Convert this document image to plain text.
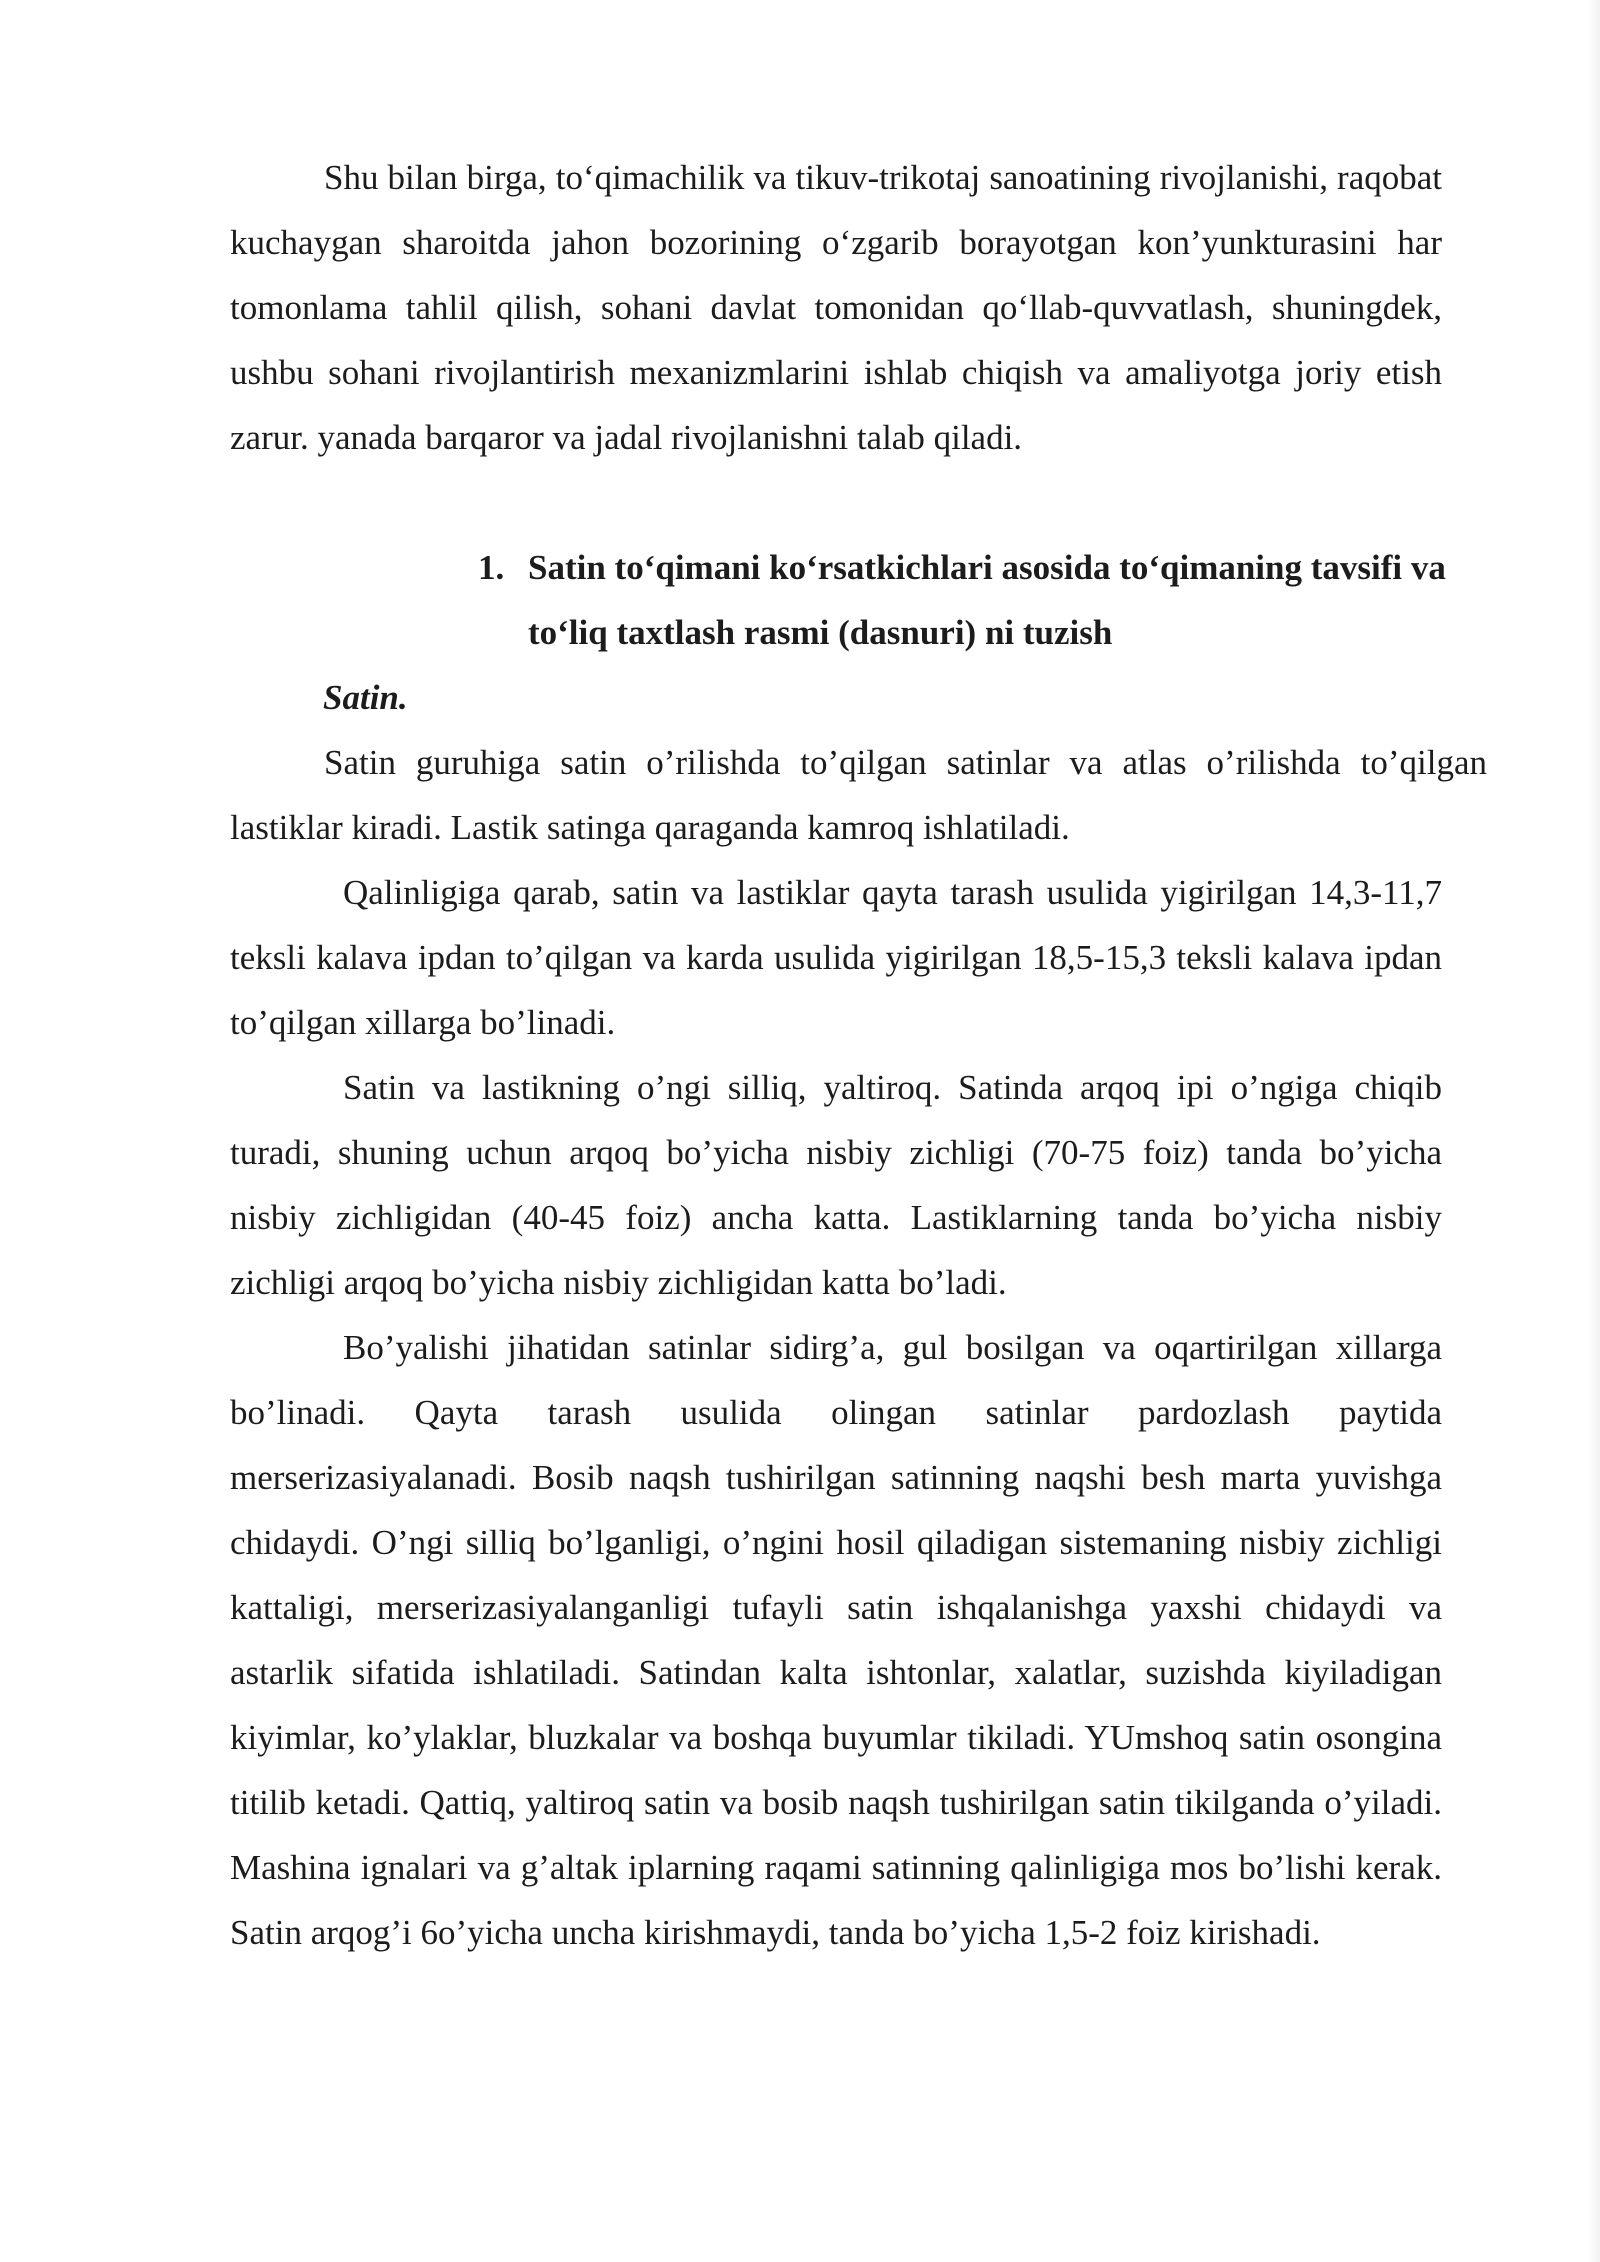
Shu bilan birga, to‘qimachilik va tikuv-trikotaj sanoatining rivojlanishi, raqobat kuchaygan sharoitda jahon bozorining o‘zgarib borayotgan kon’yunkturasini har tomonlama tahlil qilish, sohani davlat tomonidan qo‘llab-quvvatlash, shuningdek, ushbu sohani rivojlantirish mexanizmlarini ishlab chiqish va amaliyotga joriy etish zarur. yanada barqaror va jadal rivojlanishni talab qiladi.

1. Satin to‘qimani ko‘rsatkichlari asosida to‘qimaning tavsifi va to‘liq taxtlash rasmi (dasnuri) ni tuzish

Satin.

Satin guruhiga satin o’rilishda to’qilgan satinlar va atlas o’rilishda to’qilgan lastiklar kiradi. Lastik satinga qaraganda kamroq ishlatiladi.

Qalinligiga qarab, satin va lastiklar qayta tarash usulida yigirilgan 14,3-11,7 teksli kalava ipdan to’qilgan va karda usulida yigirilgan 18,5-15,3 teksli kalava ipdan to’qilgan xillarga bo’linadi.

Satin va lastikning o’ngi silliq, yaltiroq. Satinda arqoq ipi o’ngiga chiqib turadi, shuning uchun arqoq bo’yicha nisbiy zichligi (70-75 foiz) tanda bo’yicha nisbiy zichligidan (40-45 foiz) ancha katta. Lastiklarning tanda bo’yicha nisbiy zichligi arqoq bo’yicha nisbiy zichligidan katta bo’ladi.

Bo’yalishi jihatidan satinlar sidirg’a, gul bosilgan va oqartirilgan xillarga bo’linadi. Qayta tarash usulida olingan satinlar pardozlash paytida merserizasiyalanadi. Bosib naqsh tushirilgan satinning naqshi besh marta yuvishga chidaydi. O’ngi silliq bo’lganligi, o’ngini hosil qiladigan sistemaning nisbiy zichligi kattaligi, merserizasiyalanganligi tufayli satin ishqalanishga yaxshi chidaydi va astarlik sifatida ishlatiladi. Satindan kalta ishtonlar, xalatlar, suzishda kiyiladigan kiyimlar, ko’ylaklar, bluzkalar va boshqa buyumlar tikiladi. YUmshoq satin osongina titilib ketadi. Qattiq, yaltiroq satin va bosib naqsh tushirilgan satin tikilganda o’yiladi. Mashina ignalari va g’altak iplarning raqami satinning qalinligiga mos bo’lishi kerak. Satin arqog’i 6o’yicha uncha kirishmaydi, tanda bo’yicha 1,5-2 foiz kirishadi.
